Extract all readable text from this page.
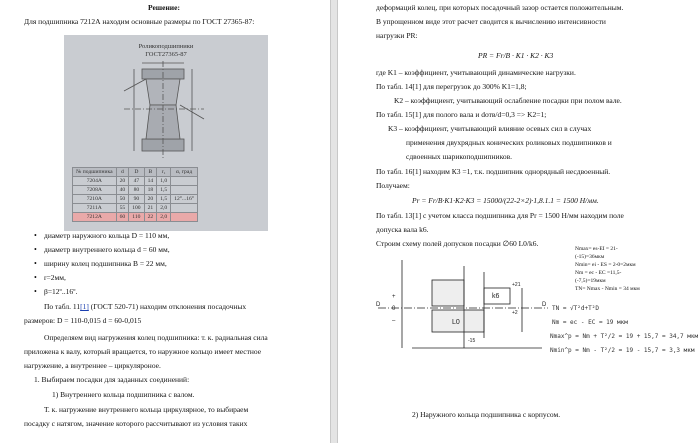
Решение:
Для подшипника 7212А находим основные размеры по ГОСТ 27365-87:
Роликоподшипники
ГОСТ27365-87
№ подшипника	d	D	B	r₁	α, град
7204A	20	47	14	1,0	
7208A	40	80	18	1,5	
7210A	50	90	20	1,5	12°...16°
7211A	55	100	21	2,0	
7212A	60	110	22	2,0	
• диаметр наружного кольца D = 110 мм,
• диаметр внутреннего кольца d = 60 мм,
• ширину колец подшипника В = 22 мм,
• r=2мм,
• β=12º..16º.
По табл. 11[1] (ГОСТ 520-71) находим отклонения посадочных
размеров: D = 110-0,015 d = 60-0,015
Определяем вид нагружения колец подшипника: т. к. радиальная сила
приложена к валу, который вращается, то наружное кольцо имеет местное
нагружение, а внутреннее – циркуляроное.
1. Выбираем посадки для заданных соединений:
1) Внутреннего кольца подшипника с валом.
Т. к. нагружение внутреннего кольца циркулярное, то выбираем
посадку с натягом, значение которого рассчитывают из условия таких
деформаций колец, при которых посадочный зазор остается положительным.
В упрощенном виде этот расчет сводится к вычислению интенсивности
нагрузки PR:
PR = Fr/B · K1 · K2 · K3
где K1 – коэффициент, учитывающий динамические нагрузки.
По табл. 14[1] для перегрузок до 300% K1=1,8;
K2 – коэффициент, учитывающий ослабление посадки при полом вале.
По табл. 15[1] для полого вала и dотв/d=0,3 => K2=1;
K3 – коэффициент, учитывающий влияние осевых сил в случах
применения двухрядных конических роликовых подшипников и
сдвоенных шарикоподшипников.
По табл. 16[1] находим К3 =1, т.к. подшипник однорядный несдвоенный.
Получаем:
Pr = Fr/B·K1·K2·K3 = 15000/(22-2×2)·1,8.1.1 = 1500 Н/мм.
По табл. 13[1] с учетом класса подшипника для Pr = 1500 Н/мм находим поле
допуска вала k6.
Строим схему полей допусков посадки ∅60 L0/k6.
+
0
–
D	D
k6
L0
+21
+2
-15
Nmax= es-EI = 21-
(-15)=36мкм
Nmin= ei - ES = 2-0=2мкм
Nm = ec - EC =11,5-
(-7,5)=19мкм
TN= Nmax - Nmin = 34 мкм
TN = √T²d+T²D
Nm = ec - EC = 19 мкм
Nmax^p = Nm + T²/2 = 19 + 15,7 = 34,7 мкм
Nmin^p = Nm - T²/2 = 19 - 15,7 = 3,3 мкм
2) Наружного кольца подшипника с корпусом.
